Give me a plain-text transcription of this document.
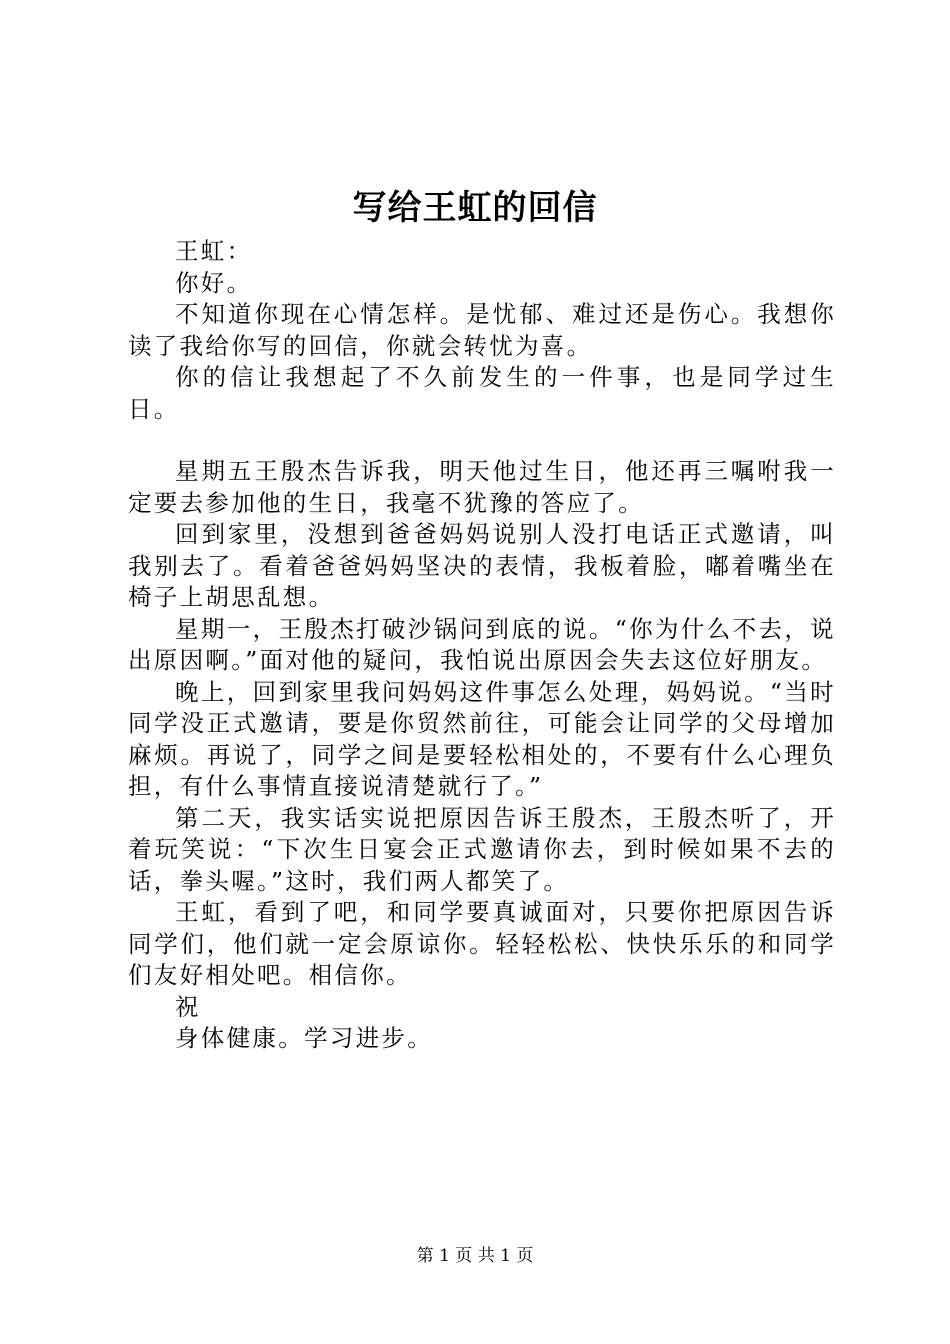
写给王虹的回信

王虹：

你好。

不知道你现在心情怎样。是忧郁、难过还是伤心。我想你读了我给你写的回信，你就会转忧为喜。

你的信让我想起了不久前发生的一件事，也是同学过生日。

星期五王殷杰告诉我，明天他过生日，他还再三嘱咐我一定要去参加他的生日，我毫不犹豫的答应了。

回到家里，没想到爸爸妈妈说别人没打电话正式邀请，叫我别去了。看着爸爸妈妈坚决的表情，我板着脸，嘟着嘴坐在椅子上胡思乱想。

星期一，王殷杰打破沙锅问到底的说。“你为什么不去，说出原因啊。”面对他的疑问，我怕说出原因会失去这位好朋友。

晚上，回到家里我问妈妈这件事怎么处理，妈妈说。“当时同学没正式邀请，要是你贸然前往，可能会让同学的父母增加麻烦。再说了，同学之间是要轻松相处的，不要有什么心理负担，有什么事情直接说清楚就行了。”

第二天，我实话实说把原因告诉王殷杰，王殷杰听了，开着玩笑说：“下次生日宴会正式邀请你去，到时候如果不去的话，拳头喔。”这时，我们两人都笑了。

王虹，看到了吧，和同学要真诚面对，只要你把原因告诉同学们，他们就一定会原谅你。轻轻松松、快快乐乐的和同学们友好相处吧。相信你。

祝

身体健康。学习进步。

第 1 页 共 1 页
